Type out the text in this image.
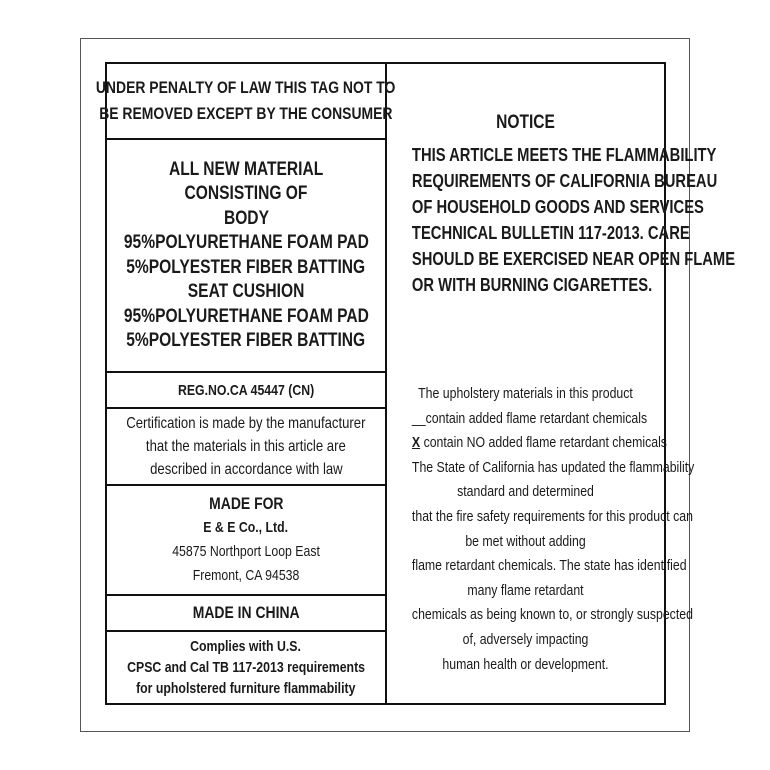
UNDER PENALTY OF LAW THIS TAG NOT TO
BE REMOVED EXCEPT BY THE CONSUMER
ALL NEW MATERIAL
CONSISTING OF
BODY
95%POLYURETHANE FOAM PAD
5%POLYESTER FIBER BATTING
SEAT CUSHION
95%POLYURETHANE FOAM PAD
5%POLYESTER FIBER BATTING
REG.NO.CA 45447 (CN)
Certification is made by the manufacturer
that the materials in this article are
described in accordance with law
MADE FOR
E & E Co., Ltd.
45875 Northport Loop East
Fremont, CA 94538
MADE IN CHINA
Complies with U.S.
CPSC and Cal TB 117-2013 requirements
for upholstered furniture flammability
NOTICE
THIS ARTICLE MEETS THE FLAMMABILITY
REQUIREMENTS OF CALIFORNIA BUREAU
OF HOUSEHOLD GOODS AND SERVICES
TECHNICAL BULLETIN 117-2013. CARE
SHOULD BE EXERCISED NEAR OPEN FLAME
OR WITH BURNING CIGARETTES.
The upholstery materials in this product
__contain added flame retardant chemicals
X contain NO added flame retardant chemicals
The State of California has updated the flammability
standard and determined
that the fire safety requirements for this product can
be met without adding
flame retardant chemicals. The state has identified
many flame retardant
chemicals as being known to, or strongly suspected
of, adversely impacting
human health or development.
